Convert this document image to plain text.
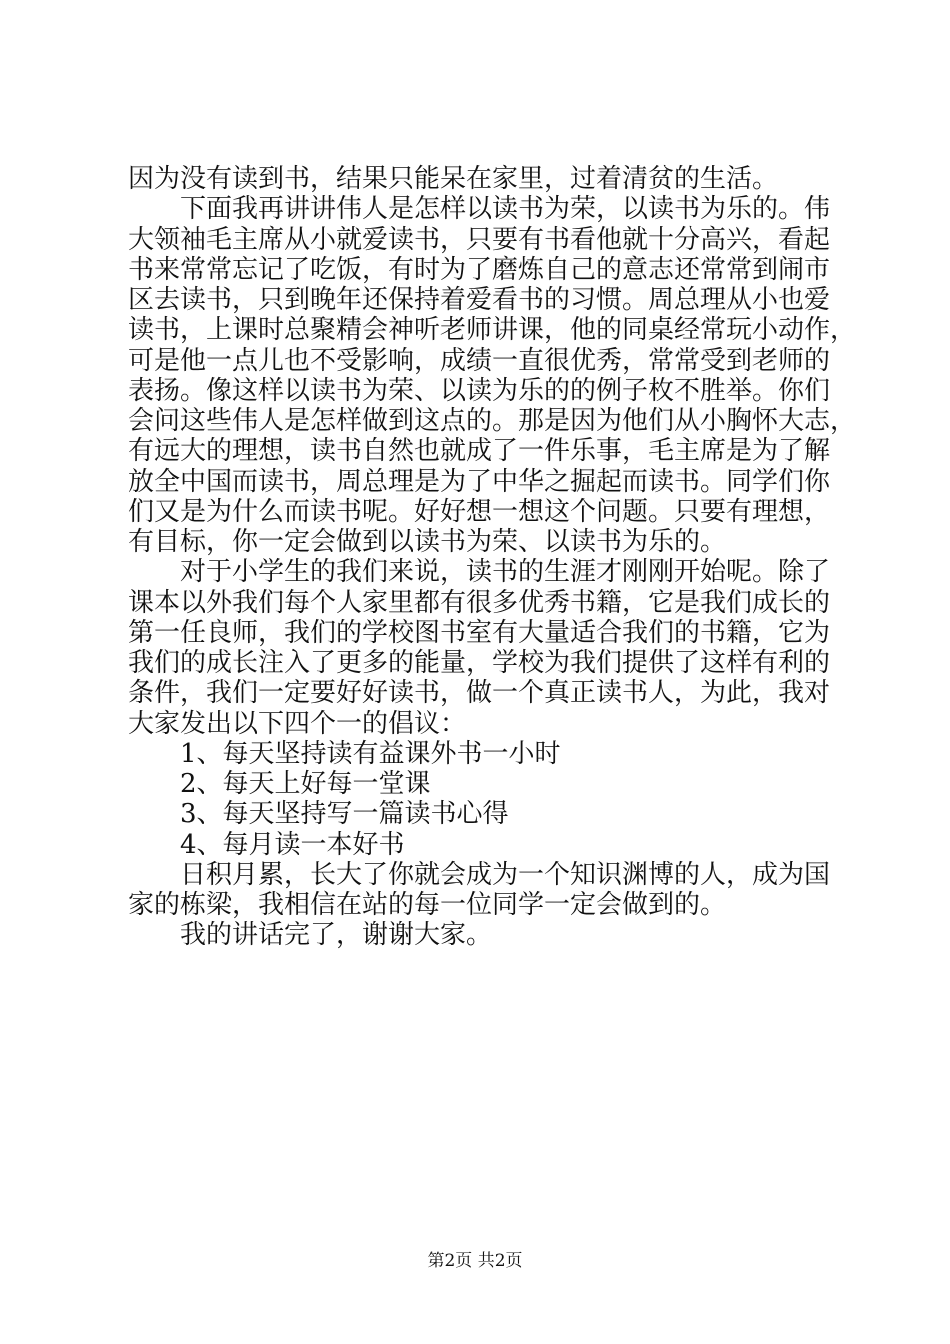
因为没有读到书，结果只能呆在家里，过着清贫的生活。
下面我再讲讲伟人是怎样以读书为荣，以读书为乐的。伟
大领袖毛主席从小就爱读书，只要有书看他就十分高兴，看起
书来常常忘记了吃饭，有时为了磨炼自己的意志还常常到闹市
区去读书，只到晚年还保持着爱看书的习惯。周总理从小也爱
读书，上课时总聚精会神听老师讲课，他的同桌经常玩小动作，
可是他一点儿也不受影响，成绩一直很优秀，常常受到老师的
表扬。像这样以读书为荣、以读为乐的的例子枚不胜举。你们
会问这些伟人是怎样做到这点的。那是因为他们从小胸怀大志，
有远大的理想，读书自然也就成了一件乐事，毛主席是为了解
放全中国而读书，周总理是为了中华之掘起而读书。同学们你
们又是为什么而读书呢。好好想一想这个问题。只要有理想，
有目标，你一定会做到以读书为荣、以读书为乐的。
对于小学生的我们来说，读书的生涯才刚刚开始呢。除了
课本以外我们每个人家里都有很多优秀书籍，它是我们成长的
第一任良师，我们的学校图书室有大量适合我们的书籍，它为
我们的成长注入了更多的能量，学校为我们提供了这样有利的
条件，我们一定要好好读书，做一个真正读书人，为此，我对
大家发出以下四个一的倡议：
1、每天坚持读有益课外书一小时
2、每天上好每一堂课
3、每天坚持写一篇读书心得
4、每月读一本好书
日积月累，长大了你就会成为一个知识渊博的人，成为国
家的栋梁，我相信在站的每一位同学一定会做到的。
我的讲话完了，谢谢大家。
第2页 共2页
